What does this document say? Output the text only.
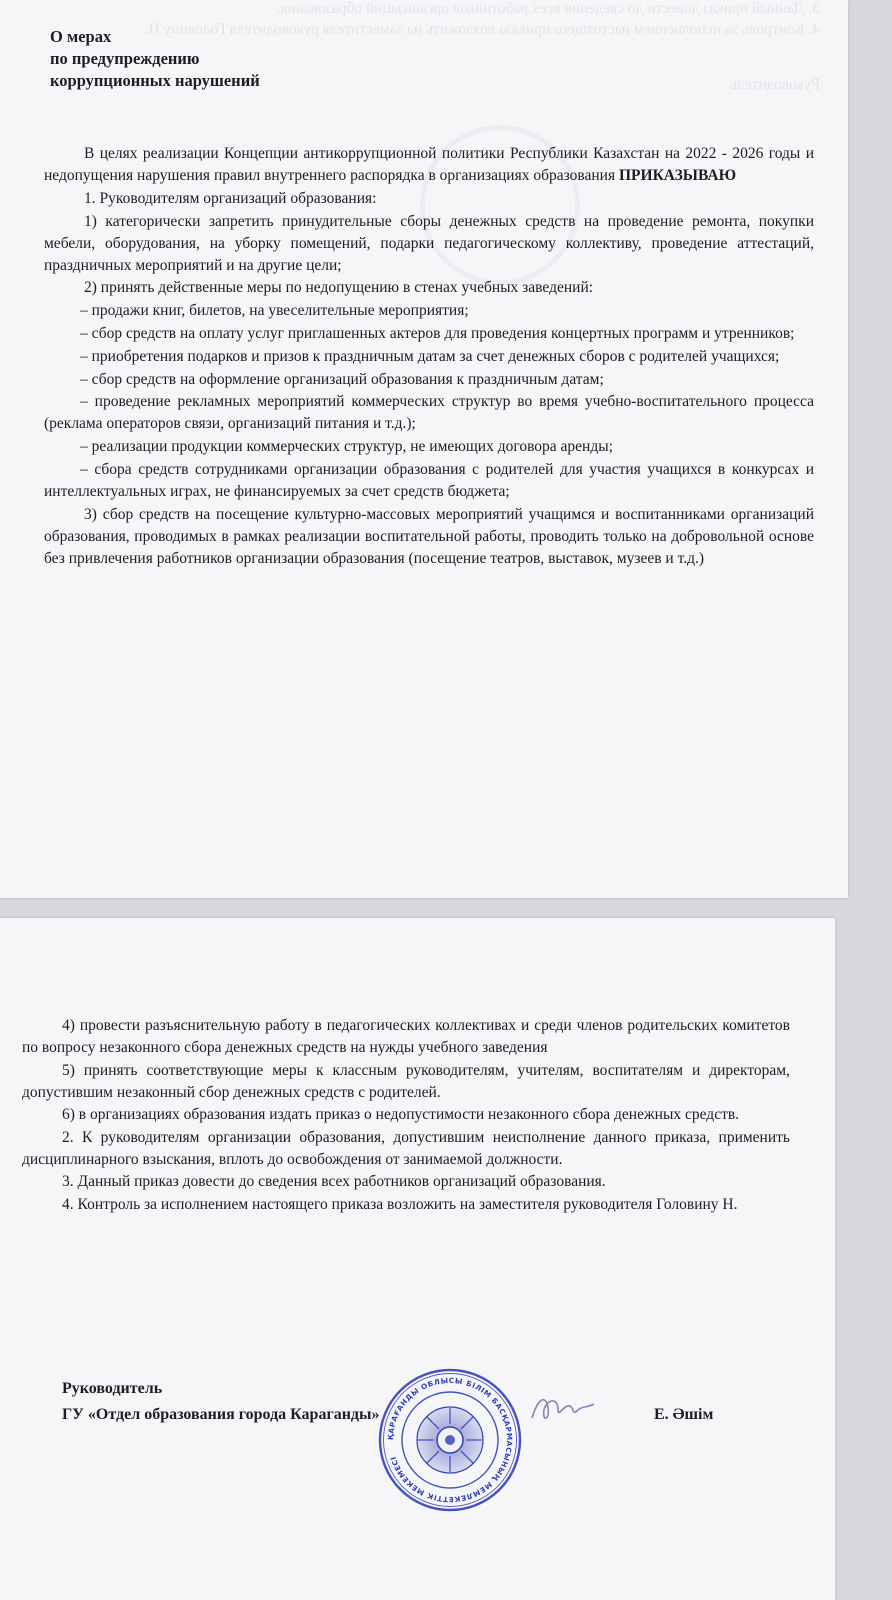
3. Данный приказ довести до сведения всех работников организаций образования.

4. Контроль за исполнением настоящего приказа возложить на заместителя руководителя Головину Н.

Руководитель

О мерах
по предупреждению
коррупционных нарушений

В целях реализации Концепции антикоррупционной политики Республики Казахстан на 2022 - 2026 годы и недопущения нарушения правил внутреннего распорядка в организациях образования ПРИКАЗЫВАЮ

1. Руководителям организаций образования:

1) категорически запретить принудительные сборы денежных средств на проведение ремонта, покупки мебели, оборудования, на уборку помещений, подарки педагогическому коллективу, проведение аттестаций, праздничных мероприятий и на другие цели;

2) принять действенные меры по недопущению в стенах учебных заведений:

– продажи книг, билетов, на увеселительные мероприятия;

– сбор средств на оплату услуг приглашенных актеров для проведения концертных программ и утренников;

– приобретения подарков и призов к праздничным датам за счет денежных сборов с родителей учащихся;

– сбор средств на оформление организаций образования к праздничным датам;

– проведение рекламных мероприятий коммерческих структур во время учебно-воспитательного процесса (реклама операторов связи, организаций питания и т.д.);

– реализации продукции коммерческих структур, не имеющих договора аренды;

– сбора средств сотрудниками организации образования с родителей для участия учащихся в конкурсах и интеллектуальных играх, не финансируемых за счет средств бюджета;

3) сбор средств на посещение культурно-массовых мероприятий учащимся и воспитанниками организаций образования, проводимых в рамках реализации воспитательной работы, проводить только на добровольной основе без привлечения работников организации образования (посещение театров, выставок, музеев и т.д.)

4) провести разъяснительную работу в педагогических коллективах и среди членов родительских комитетов по вопросу незаконного сбора денежных средств на нужды учебного заведения

5) принять соответствующие меры к классным руководителям, учителям, воспитателям и директорам, допустившим незаконный сбор денежных средств с родителей.

6) в организациях образования издать приказ о недопустимости незаконного сбора денежных средств.

2. К руководителям организации образования, допустившим неисполнение данного приказа, применить дисциплинарного взыскания, вплоть до освобождения от занимаемой должности.

3. Данный приказ довести до сведения всех работников организаций образования.

4. Контроль за исполнением настоящего приказа возложить на заместителя руководителя Головину Н.

Руководитель
ГУ «Отдел образования города Караганды»
ҚАРАҒАНДЫ ОБЛЫСЫ БІЛІМ БАСҚАРМАСЫНЫҢ МЕМЛЕКЕТТІК МЕКЕМЕСІ
Е. Әшім
